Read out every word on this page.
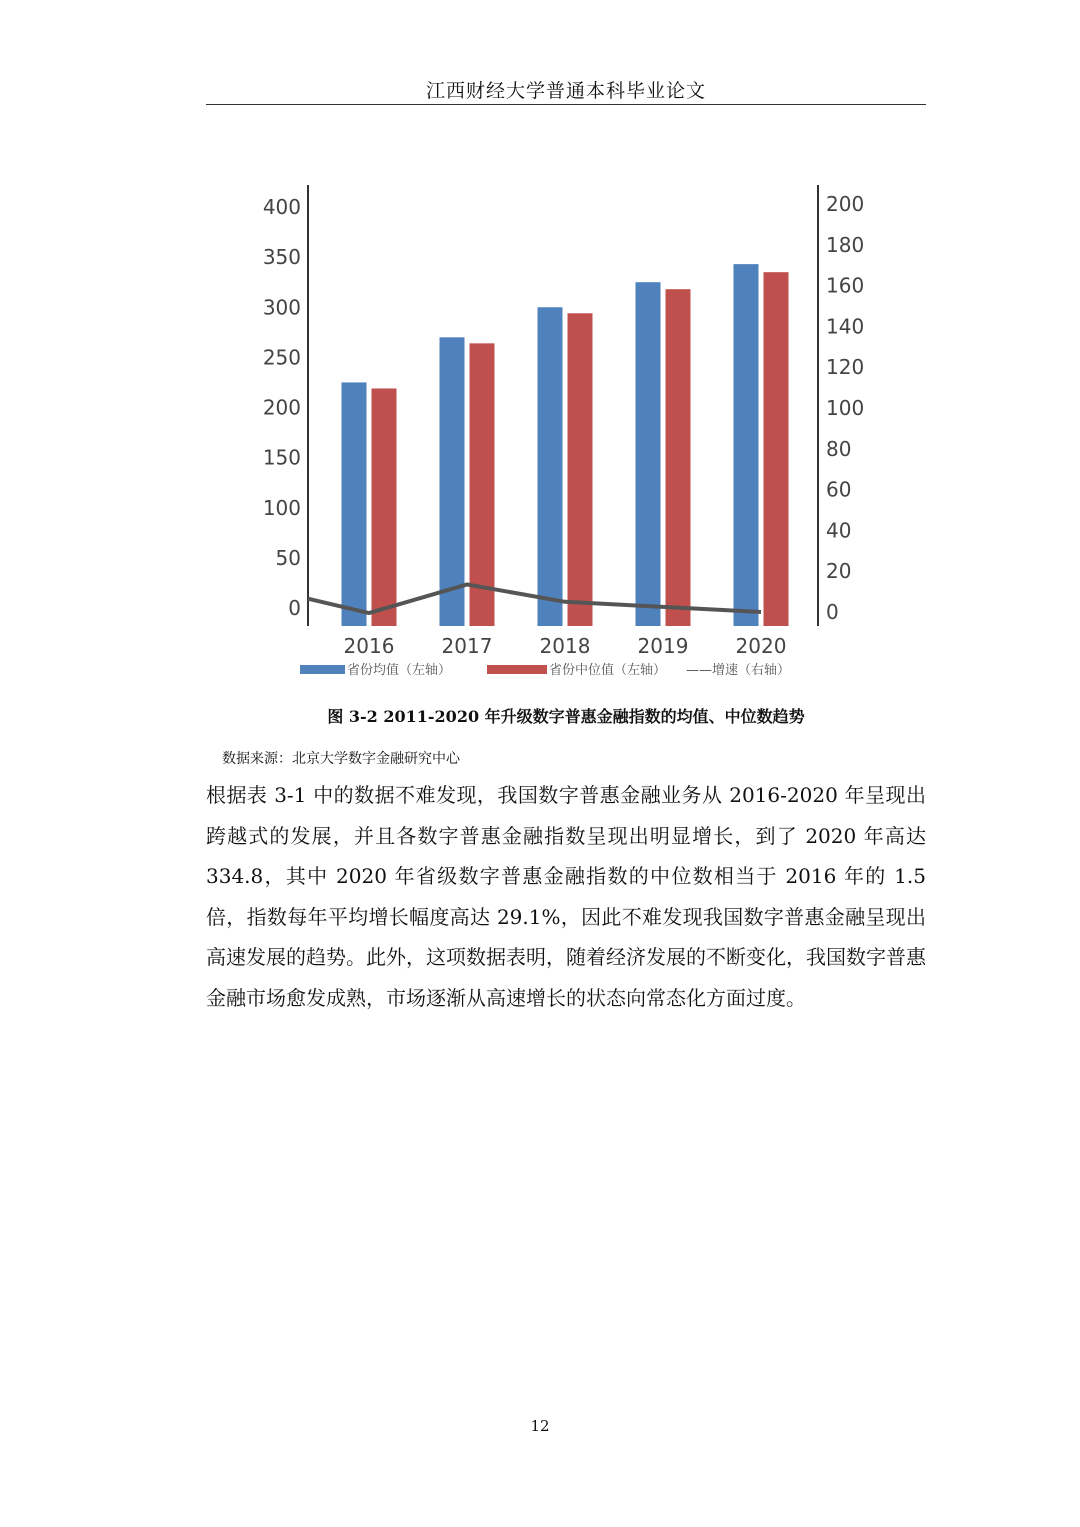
江西财经大学普通本科毕业论文
0
50
100
150
200
250
300
350
400
0
20
40
60
80
100
120
140
160
180
200
2016 2017 2018 2019 2020
省份均值（左轴）	省份中位值（左轴） ——增速（右轴）
图 3-2 2011-2020 年升级数字普惠金融指数的均值、中位数趋势
数据来源：北京大学数字金融研究中心

根据表 3-1 中的数据不难发现，我国数字普惠金融业务从 2016-2020 年呈现出跨越式的发展，并且各数字普惠金融指数呈现出明显增长，到了 2020 年高达 334.8，其中 2020 年省级数字普惠金融指数的中位数相当于 2016 年的 1.5 倍，指数每年平均增长幅度高达 29.1%，因此不难发现我国数字普惠金融呈现出高速发展的趋势。此外，这项数据表明，随着经济发展的不断变化，我国数字普惠金融市场愈发成熟，市场逐渐从高速增长的状态向常态化方面过度。

12
